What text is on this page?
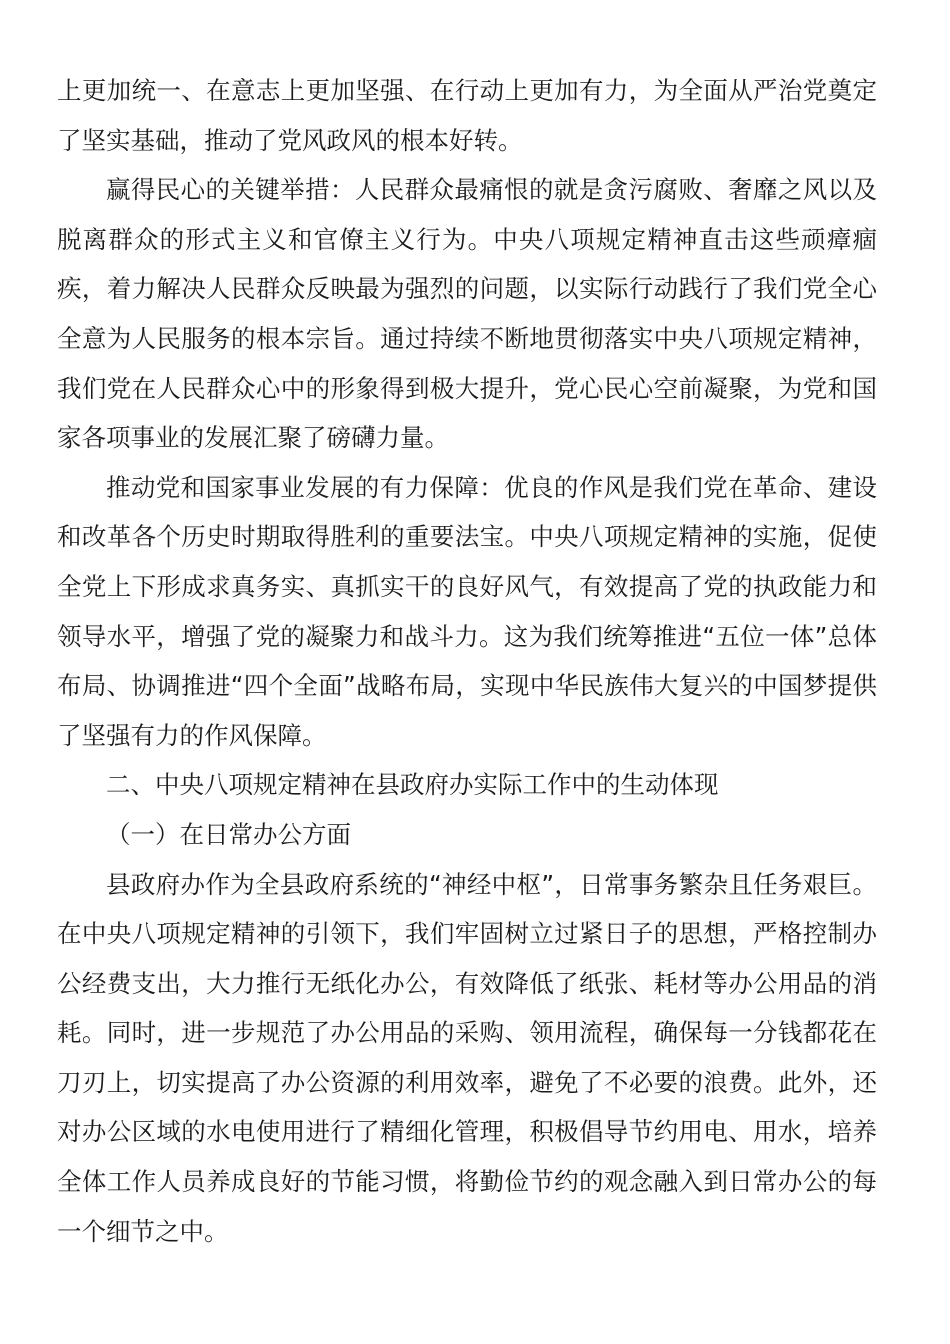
上更加统一、在意志上更加坚强、在行动上更加有力，为全面从严治党奠定了坚实基础，推动了党风政风的根本好转。

赢得民心的关键举措：人民群众最痛恨的就是贪污腐败、奢靡之风以及脱离群众的形式主义和官僚主义行为。中央八项规定精神直击这些顽瘴痼疾，着力解决人民群众反映最为强烈的问题，以实际行动践行了我们党全心全意为人民服务的根本宗旨。通过持续不断地贯彻落实中央八项规定精神，我们党在人民群众心中的形象得到极大提升，党心民心空前凝聚，为党和国家各项事业的发展汇聚了磅礴力量。

推动党和国家事业发展的有力保障：优良的作风是我们党在革命、建设和改革各个历史时期取得胜利的重要法宝。中央八项规定精神的实施，促使全党上下形成求真务实、真抓实干的良好风气，有效提高了党的执政能力和领导水平，增强了党的凝聚力和战斗力。这为我们统筹推进“五位一体”总体布局、协调推进“四个全面”战略布局，实现中华民族伟大复兴的中国梦提供了坚强有力的作风保障。

二、中央八项规定精神在县政府办实际工作中的生动体现

（一）在日常办公方面

县政府办作为全县政府系统的“神经中枢”，日常事务繁杂且任务艰巨。在中央八项规定精神的引领下，我们牢固树立过紧日子的思想，严格控制办公经费支出，大力推行无纸化办公，有效降低了纸张、耗材等办公用品的消耗。同时，进一步规范了办公用品的采购、领用流程，确保每一分钱都花在刀刃上，切实提高了办公资源的利用效率，避免了不必要的浪费。此外，还对办公区域的水电使用进行了精细化管理，积极倡导节约用电、用水，培养全体工作人员养成良好的节能习惯，将勤俭节约的观念融入到日常办公的每一个细节之中。
